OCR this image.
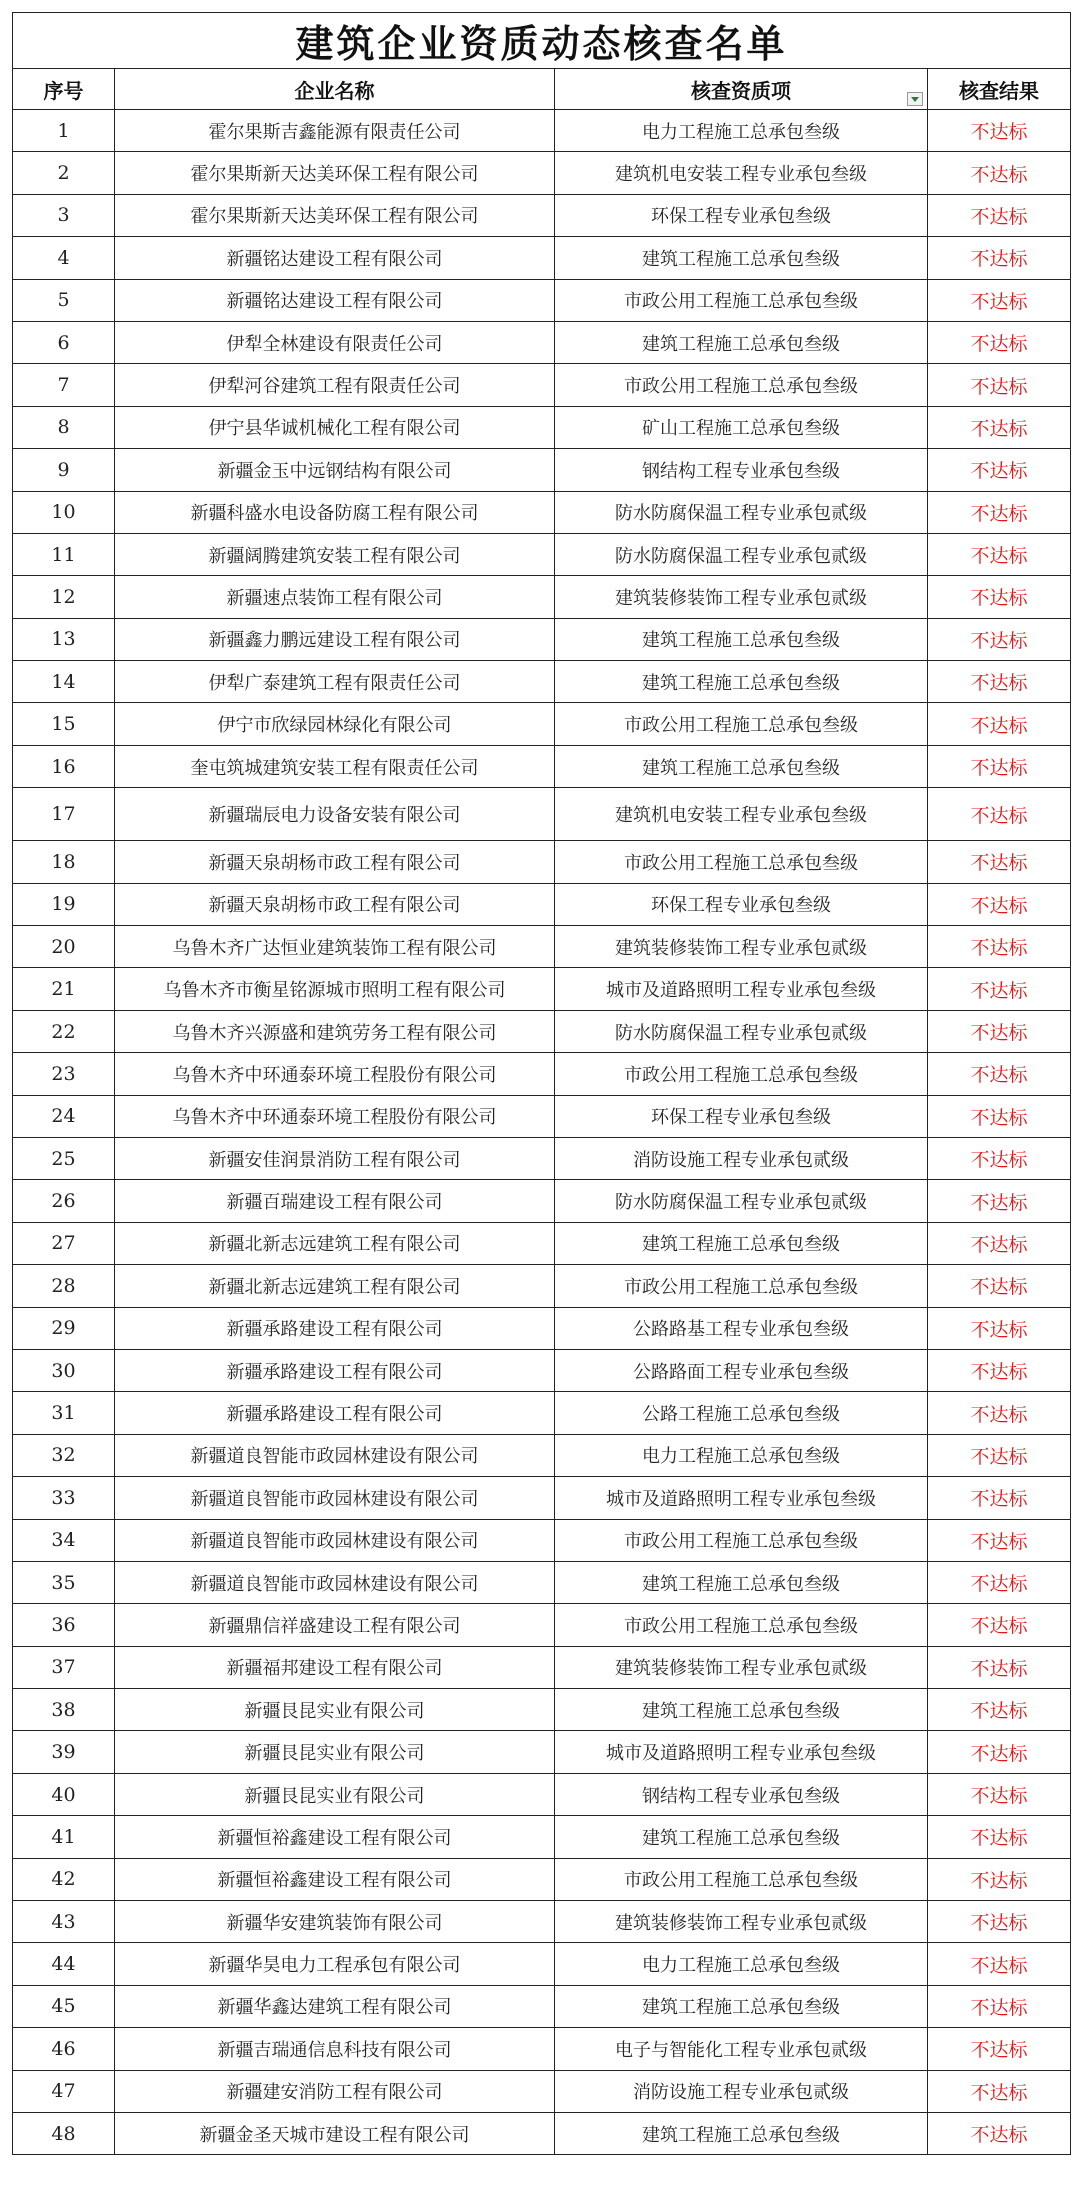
建筑企业资质动态核查名单			
序号	企业名称	核查资质项	核查结果
1	霍尔果斯吉鑫能源有限责任公司	电力工程施工总承包叁级	不达标
2	霍尔果斯新天达美环保工程有限公司	建筑机电安装工程专业承包叁级	不达标
3	霍尔果斯新天达美环保工程有限公司	环保工程专业承包叁级	不达标
4	新疆铭达建设工程有限公司	建筑工程施工总承包叁级	不达标
5	新疆铭达建设工程有限公司	市政公用工程施工总承包叁级	不达标
6	伊犁全林建设有限责任公司	建筑工程施工总承包叁级	不达标
7	伊犁河谷建筑工程有限责任公司	市政公用工程施工总承包叁级	不达标
8	伊宁县华诚机械化工程有限公司	矿山工程施工总承包叁级	不达标
9	新疆金玉中远钢结构有限公司	钢结构工程专业承包叁级	不达标
10	新疆科盛水电设备防腐工程有限公司	防水防腐保温工程专业承包贰级	不达标
11	新疆阔腾建筑安装工程有限公司	防水防腐保温工程专业承包贰级	不达标
12	新疆速点装饰工程有限公司	建筑装修装饰工程专业承包贰级	不达标
13	新疆鑫力鹏远建设工程有限公司	建筑工程施工总承包叁级	不达标
14	伊犁广泰建筑工程有限责任公司	建筑工程施工总承包叁级	不达标
15	伊宁市欣绿园林绿化有限公司	市政公用工程施工总承包叁级	不达标
16	奎屯筑城建筑安装工程有限责任公司	建筑工程施工总承包叁级	不达标
17	新疆瑞辰电力设备安装有限公司	建筑机电安装工程专业承包叁级	不达标
18	新疆天泉胡杨市政工程有限公司	市政公用工程施工总承包叁级	不达标
19	新疆天泉胡杨市政工程有限公司	环保工程专业承包叁级	不达标
20	乌鲁木齐广达恒业建筑装饰工程有限公司	建筑装修装饰工程专业承包贰级	不达标
21	乌鲁木齐市衡星铭源城市照明工程有限公司	城市及道路照明工程专业承包叁级	不达标
22	乌鲁木齐兴源盛和建筑劳务工程有限公司	防水防腐保温工程专业承包贰级	不达标
23	乌鲁木齐中环通泰环境工程股份有限公司	市政公用工程施工总承包叁级	不达标
24	乌鲁木齐中环通泰环境工程股份有限公司	环保工程专业承包叁级	不达标
25	新疆安佳润景消防工程有限公司	消防设施工程专业承包贰级	不达标
26	新疆百瑞建设工程有限公司	防水防腐保温工程专业承包贰级	不达标
27	新疆北新志远建筑工程有限公司	建筑工程施工总承包叁级	不达标
28	新疆北新志远建筑工程有限公司	市政公用工程施工总承包叁级	不达标
29	新疆承路建设工程有限公司	公路路基工程专业承包叁级	不达标
30	新疆承路建设工程有限公司	公路路面工程专业承包叁级	不达标
31	新疆承路建设工程有限公司	公路工程施工总承包叁级	不达标
32	新疆道良智能市政园林建设有限公司	电力工程施工总承包叁级	不达标
33	新疆道良智能市政园林建设有限公司	城市及道路照明工程专业承包叁级	不达标
34	新疆道良智能市政园林建设有限公司	市政公用工程施工总承包叁级	不达标
35	新疆道良智能市政园林建设有限公司	建筑工程施工总承包叁级	不达标
36	新疆鼎信祥盛建设工程有限公司	市政公用工程施工总承包叁级	不达标
37	新疆福邦建设工程有限公司	建筑装修装饰工程专业承包贰级	不达标
38	新疆艮昆实业有限公司	建筑工程施工总承包叁级	不达标
39	新疆艮昆实业有限公司	城市及道路照明工程专业承包叁级	不达标
40	新疆艮昆实业有限公司	钢结构工程专业承包叁级	不达标
41	新疆恒裕鑫建设工程有限公司	建筑工程施工总承包叁级	不达标
42	新疆恒裕鑫建设工程有限公司	市政公用工程施工总承包叁级	不达标
43	新疆华安建筑装饰有限公司	建筑装修装饰工程专业承包贰级	不达标
44	新疆华昊电力工程承包有限公司	电力工程施工总承包叁级	不达标
45	新疆华鑫达建筑工程有限公司	建筑工程施工总承包叁级	不达标
46	新疆吉瑞通信息科技有限公司	电子与智能化工程专业承包贰级	不达标
47	新疆建安消防工程有限公司	消防设施工程专业承包贰级	不达标
48	新疆金圣天城市建设工程有限公司	建筑工程施工总承包叁级	不达标
